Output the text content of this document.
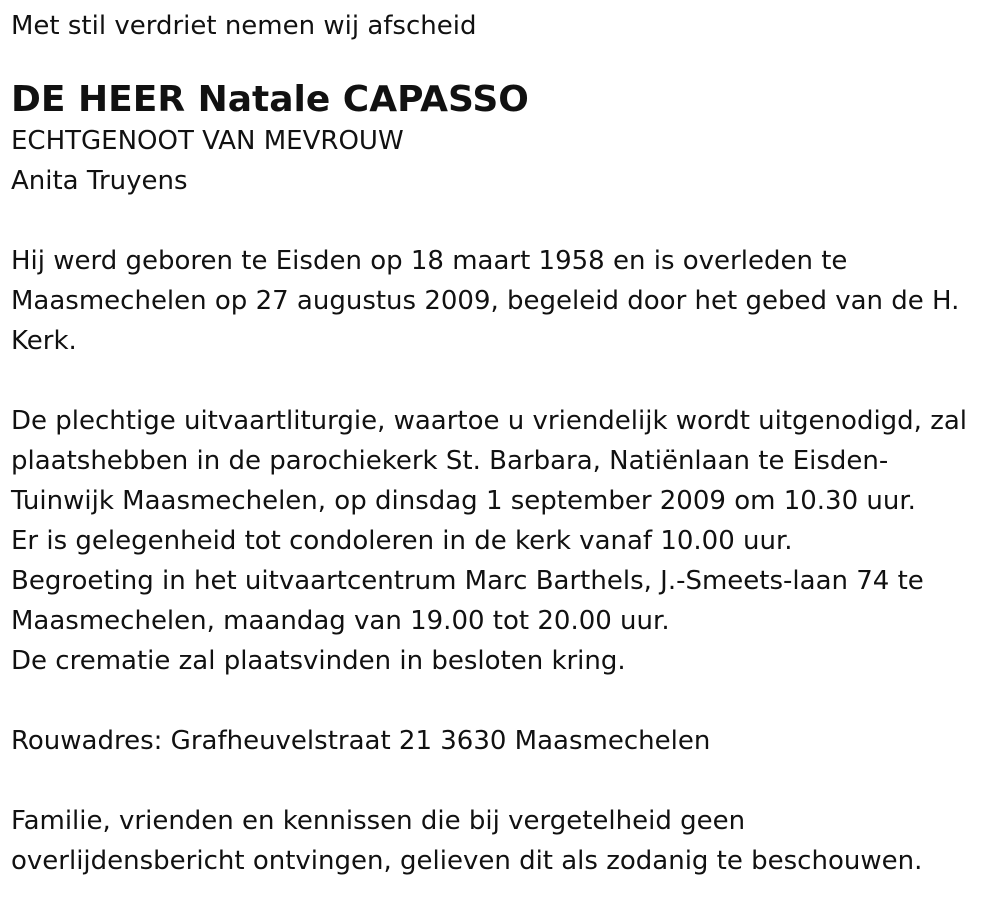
Met stil verdriet nemen wij afscheid
DE HEER Natale CAPASSO
ECHTGENOOT VAN MEVROUW
Anita Truyens
Hij werd geboren te Eisden op 18 maart 1958 en is overleden te
Maasmechelen op 27 augustus 2009, begeleid door het gebed van de H.
Kerk.
De plechtige uitvaartliturgie, waartoe u vriendelijk wordt uitgenodigd, zal
plaatshebben in de parochiekerk St. Barbara, Natiënlaan te Eisden-
Tuinwijk Maasmechelen, op dinsdag 1 september 2009 om 10.30 uur.
Er is gelegenheid tot condoleren in de kerk vanaf 10.00 uur.
Begroeting in het uitvaartcentrum Marc Barthels, J.-Smeets-laan 74 te
Maasmechelen, maandag van 19.00 tot 20.00 uur.
De crematie zal plaatsvinden in besloten kring.
Rouwadres: Grafheuvelstraat 21 3630 Maasmechelen
Familie, vrienden en kennissen die bij vergetelheid geen
overlijdensbericht ontvingen, gelieven dit als zodanig te beschouwen.
